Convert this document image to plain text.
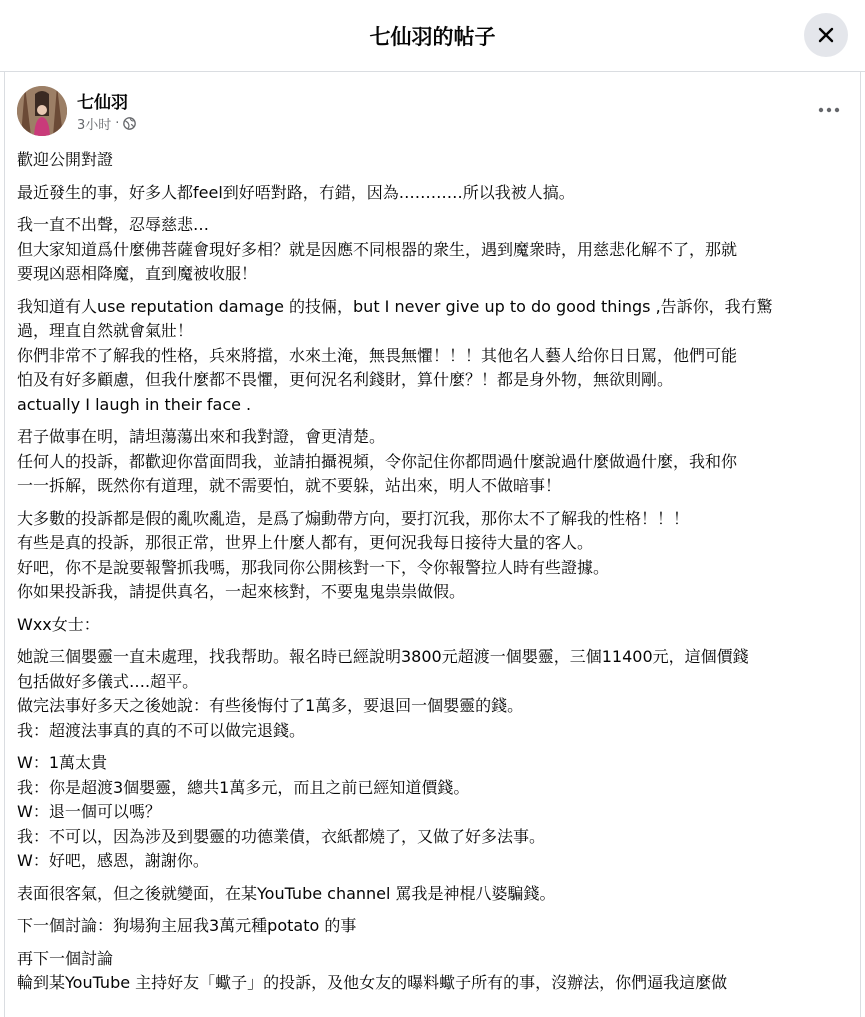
七仙羽的帖子
七仙羽
3小时 ·
歡迎公開對證
最近發生的事，好多人都feel到好唔對路，冇錯，因為…………所以我被人搞。
我一直不出聲，忍辱慈悲…
但大家知道爲什麼佛菩薩會現好多相？就是因應不同根器的衆生，遇到魔衆時，用慈悲化解不了，那就
要現凶惡相降魔，直到魔被收服！
我知道有人use reputation damage 的技倆，but I never give up to do good things ,告訴你，我冇驚
過，理直自然就會氣壯！
你們非常不了解我的性格，兵來將擋，水來土淹，無畏無懼！！！其他名人藝人给你日日罵，他們可能
怕及有好多顧慮，但我什麼都不畏懼，更何況名利錢財，算什麼？！都是身外物，無欲則剛。
actually I laugh in their face .
君子做事在明，請坦蕩蕩出來和我對證，會更清楚。
任何人的投訴，都歡迎你當面問我，並請拍攝視頻，令你記住你都問過什麼說過什麼做過什麼，我和你
一一拆解，既然你有道理，就不需要怕，就不要躲，站出來，明人不做暗事！
大多數的投訴都是假的亂吹亂造，是爲了煽動帶方向，要打沉我，那你太不了解我的性格！！！
有些是真的投訴，那很正常，世界上什麼人都有，更何況我每日接待大量的客人。
好吧，你不是說要報警抓我嗎，那我同你公開核對一下，令你報警拉人時有些證據。
你如果投訴我，請提供真名，一起來核對，不要鬼鬼祟祟做假。
Wxx女士：
她說三個嬰靈一直未處理，找我帮助。報名時已經說明3800元超渡一個嬰靈，三個11400元，這個價錢
包括做好多儀式….超平。
做完法事好多天之後她說：有些後悔付了1萬多，要退回一個嬰靈的錢。
我：超渡法事真的真的不可以做完退錢。
W：1萬太貴
我：你是超渡3個嬰靈，總共1萬多元，而且之前已經知道價錢。
W：退一個可以嗎？
我：不可以，因為涉及到嬰靈的功德業債，衣紙都燒了，又做了好多法事。
W：好吧，感恩，謝謝你。
表面很客氣，但之後就變面，在某YouTube channel 罵我是神棍八婆騙錢。
下一個討論：狗場狗主屈我3萬元種potato 的事
再下一個討論
輪到某YouTube 主持好友「蠍子」的投訴，及他女友的曝料蠍子所有的事，沒辦法，你們逼我這麼做
